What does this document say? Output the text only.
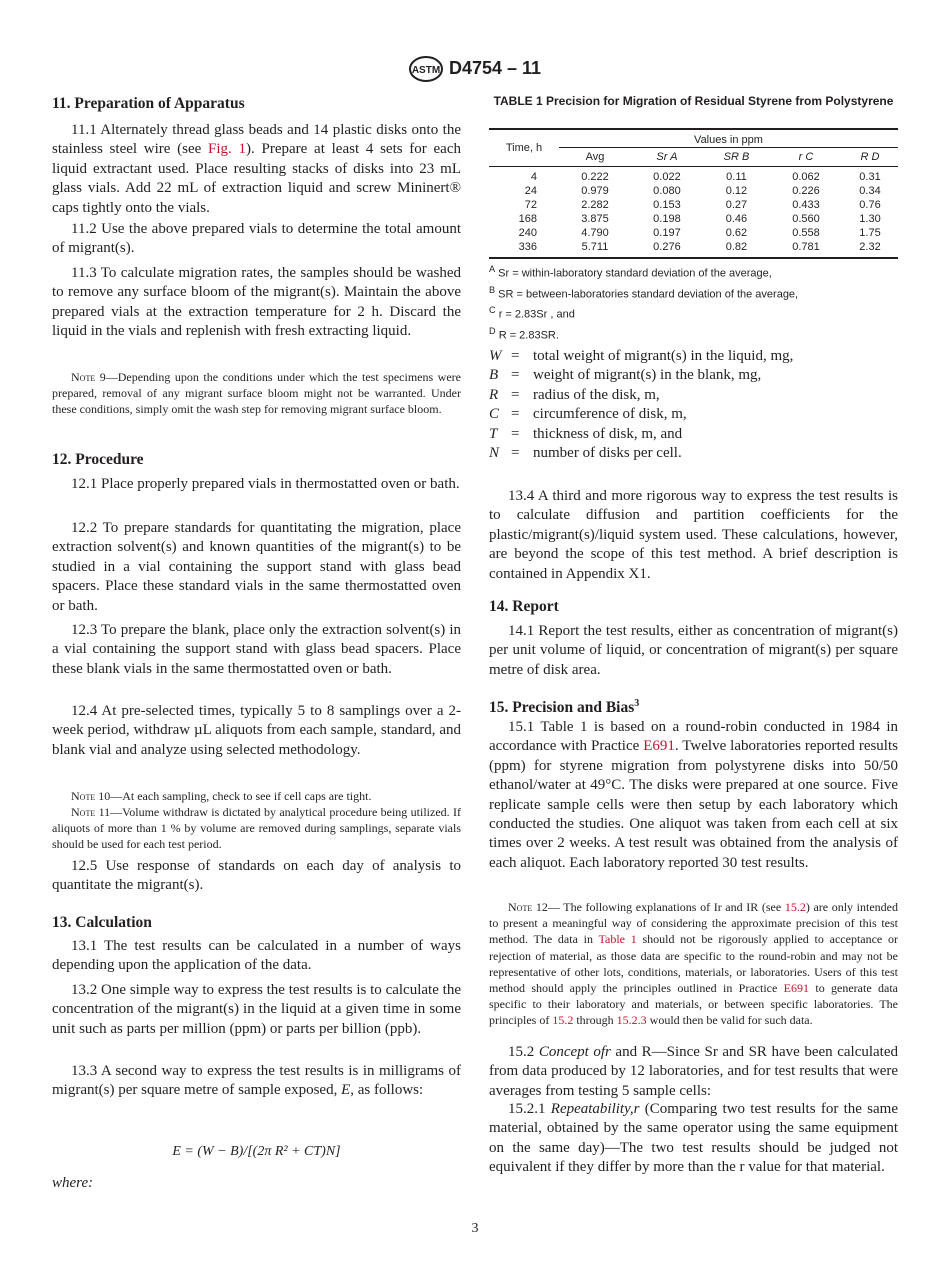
ASTM D4754 – 11
11. Preparation of Apparatus

11.1 Alternately thread glass beads and 14 plastic disks onto the stainless steel wire (see Fig. 1). Prepare at least 4 sets for each liquid extractant used. Place resulting stacks of disks into 23 mL glass vials. Add 22 mL of extraction liquid and screw Mininert® caps tightly onto the vials.

11.2 Use the above prepared vials to determine the total amount of migrant(s).

11.3 To calculate migration rates, the samples should be washed to remove any surface bloom of the migrant(s). Maintain the above prepared vials at the extraction temperature for 2 h. Discard the liquid in the vials and replenish with fresh extracting liquid.

Note 9—Depending upon the conditions under which the test specimens were prepared, removal of any migrant surface bloom might not be warranted. Under these conditions, simply omit the wash step for removing migrant surface bloom.

12. Procedure

12.1 Place properly prepared vials in thermostatted oven or bath.

12.2 To prepare standards for quantitating the migration, place extraction solvent(s) and known quantities of the migrant(s) to be studied in a vial containing the support stand with glass bead spacers. Place these standard vials in the same thermostatted oven or bath.

12.3 To prepare the blank, place only the extraction solvent(s) in a vial containing the support stand with glass bead spacers. Place these blank vials in the same thermostatted oven or bath.

12.4 At pre-selected times, typically 5 to 8 samplings over a 2-week period, withdraw µL aliquots from each sample, standard, and blank vial and analyze using selected methodology.

Note 10—At each sampling, check to see if cell caps are tight.

Note 11—Volume withdraw is dictated by analytical procedure being utilized. If aliquots of more than 1 % by volume are removed during samplings, separate vials should be used for each test period.

12.5 Use response of standards on each day of analysis to quantitate the migrant(s).

13. Calculation

13.1 The test results can be calculated in a number of ways depending upon the application of the data.

13.2 One simple way to express the test results is to calculate the concentration of the migrant(s) in the liquid at a given time in some unit such as parts per million (ppm) or parts per billion (ppb).

13.3 A second way to express the test results is in milligrams of migrant(s) per square metre of sample exposed, E, as follows:

E = (W − B)/[(2π R² + CT)N]
where:
TABLE 1 Precision for Migration of Residual Styrene from Polystyrene
Time, h	Values in ppm				
	Avg	Sr A	SR B	r C	R D
4	0.222	0.022	0.11	0.062	0.31
24	0.979	0.080	0.12	0.226	0.34
72	2.282	0.153	0.27	0.433	0.76
168	3.875	0.198	0.46	0.560	1.30
240	4.790	0.197	0.62	0.558	1.75
336	5.711	0.276	0.82	0.781	2.32
$^A$ Sr = within-laboratory standard deviation of the average,
$^B$ SR = between-laboratories standard deviation of the average,
$^C$ r = 2.83Sr , and
$^D$ R = 2.83SR.
W	=	total weight of migrant(s) in the liquid, mg,
B	=	weight of migrant(s) in the blank, mg,
R	=	radius of the disk, m,
C	=	circumference of disk, m,
T	=	thickness of disk, m, and
N	=	number of disks per cell.

13.4 A third and more rigorous way to express the test results is to calculate diffusion and partition coefficients for the plastic/migrant(s)/liquid system used. These calculations, however, are beyond the scope of this test method. A brief description is contained in Appendix X1.

14. Report

14.1 Report the test results, either as concentration of migrant(s) per unit volume of liquid, or concentration of migrant(s) per square metre of disk area.

15. Precision and Bias$^3$

15.1 Table 1 is based on a round-robin conducted in 1984 in accordance with Practice E691. Twelve laboratories reported results (ppm) for styrene migration from polystyrene disks into 50/50 ethanol/water at 49°C. The disks were prepared at one source. Five replicate sample cells were then setup by each laboratory which conducted the studies. One aliquot was taken from each cell at six times over 2 weeks. A test result was obtained from the analysis of each aliquot. Each laboratory reported 30 test results.

Note 12— The following explanations of Ir and IR (see 15.2) are only intended to present a meaningful way of considering the approximate precision of this test method. The data in Table 1 should not be rigorously applied to acceptance or rejection of material, as those data are specific to the round-robin and may not be representative of other lots, conditions, materials, or laboratories. Users of this test method should apply the principles outlined in Practice E691 to generate data specific to their laboratory and materials, or between specific laboratories. The principles of 15.2 through 15.2.3 would then be valid for such data.

15.2 Concept ofr and R—Since Sr and SR have been calculated from data produced by 12 laboratories, and for test results that were averages from testing 5 sample cells:

15.2.1 Repeatability,r (Comparing two test results for the same material, obtained by the same operator using the same equipment on the same day)—The two test results should be judged not equivalent if they differ by more than the r value for that material.

3
